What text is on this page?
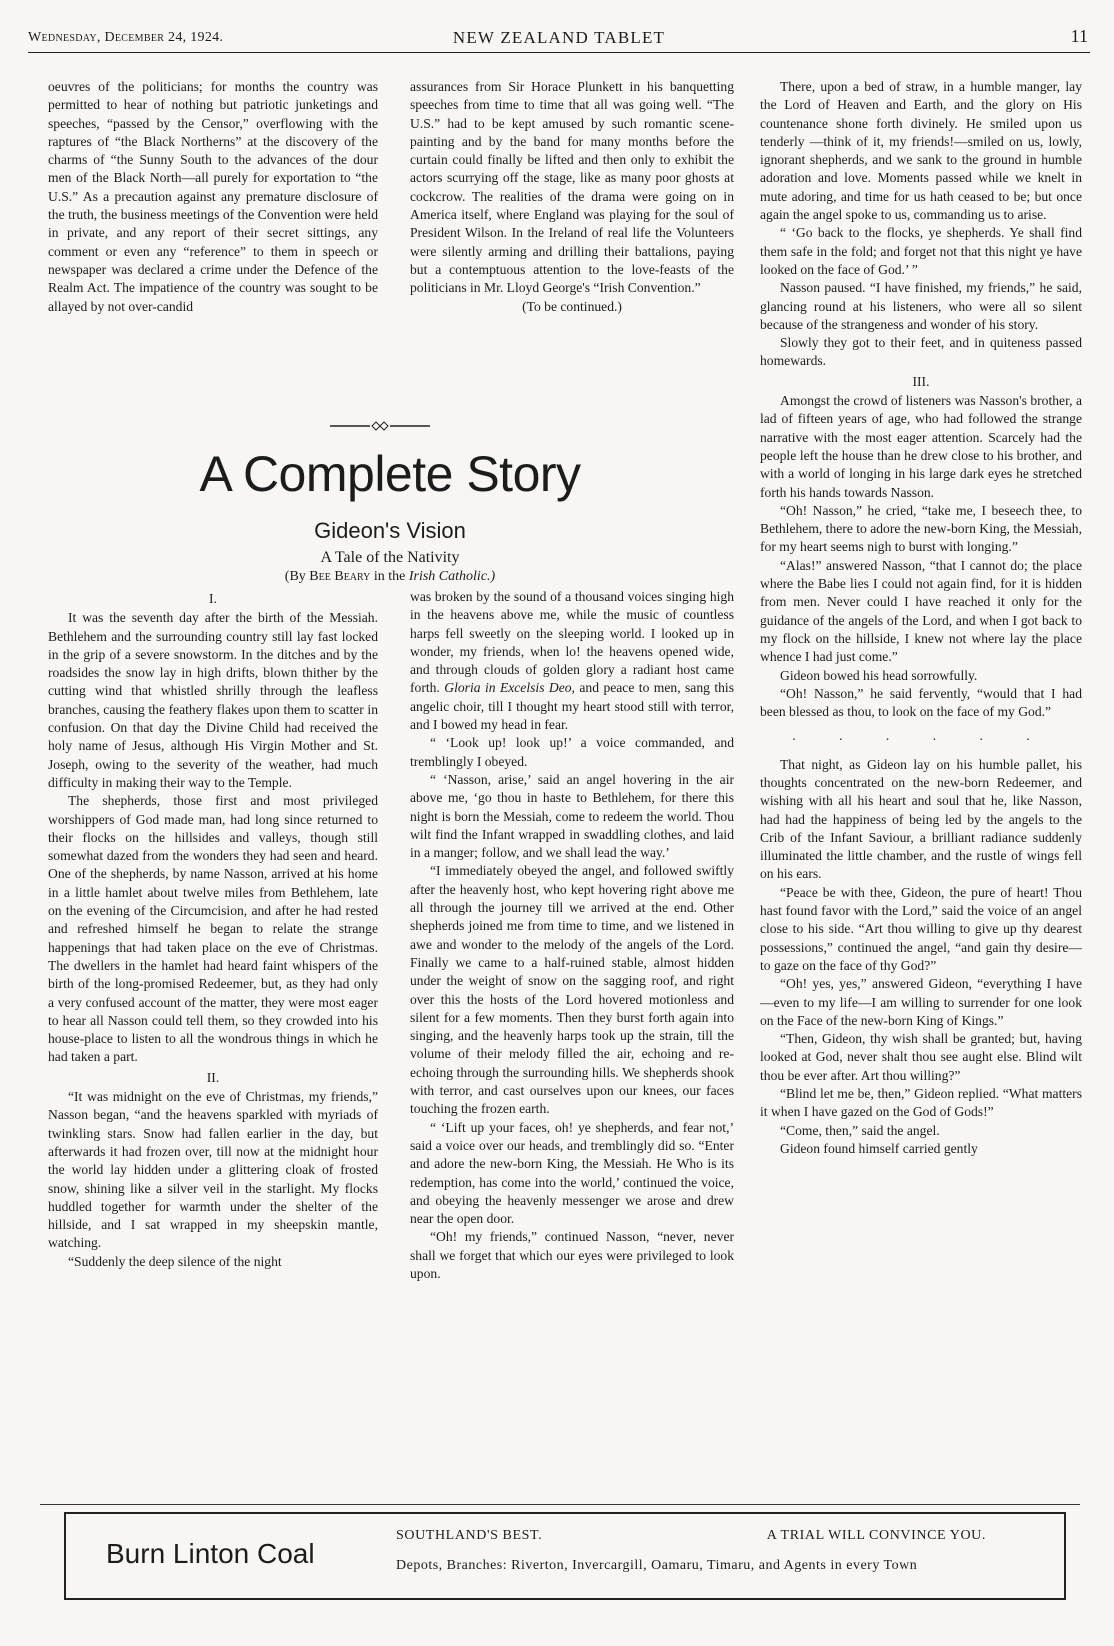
Wednesday, December 24, 1924.	NEW ZEALAND TABLET	11

oeuvres of the politicians; for months the country was permitted to hear of nothing but patriotic junketings and speeches, “passed by the Censor,” overflowing with the raptures of “the Black Northerns” at the discovery of the charms of “the Sunny South to the advances of the dour men of the Black North—all purely for exportation to “the U.S.” As a precaution against any premature disclosure of the truth, the business meetings of the Convention were held in private, and any report of their secret sittings, any comment or even any “reference” to them in speech or newspaper was declared a crime under the Defence of the Realm Act. The impatience of the country was sought to be allayed by not over-candid

assurances from Sir Horace Plunkett in his banquetting speeches from time to time that all was going well. “The U.S.” had to be kept amused by such romantic scene-painting and by the band for many months before the curtain could finally be lifted and then only to exhibit the actors scurrying off the stage, like as many poor ghosts at cockcrow. The realities of the drama were going on in America itself, where England was playing for the soul of President Wilson. In the Ireland of real life the Volunteers were silently arming and drilling their battalions, paying but a contemptuous attention to the love-feasts of the politicians in Mr. Lloyd George's “Irish Convention.”

(To be continued.)

A Complete Story
Gideon's Vision
A Tale of the Nativity
(By Bee Beary in the Irish Catholic.)

I.

It was the seventh day after the birth of the Messiah. Bethlehem and the surrounding country still lay fast locked in the grip of a severe snowstorm. In the ditches and by the roadsides the snow lay in high drifts, blown thither by the cutting wind that whistled shrilly through the leafless branches, causing the feathery flakes upon them to scatter in confusion. On that day the Divine Child had received the holy name of Jesus, although His Virgin Mother and St. Joseph, owing to the severity of the weather, had much difficulty in making their way to the Temple.

The shepherds, those first and most privileged worshippers of God made man, had long since returned to their flocks on the hillsides and valleys, though still somewhat dazed from the wonders they had seen and heard. One of the shepherds, by name Nasson, arrived at his home in a little hamlet about twelve miles from Bethlehem, late on the evening of the Circumcision, and after he had rested and refreshed himself he began to relate the strange happenings that had taken place on the eve of Christmas. The dwellers in the hamlet had heard faint whispers of the birth of the long-promised Redeemer, but, as they had only a very confused account of the matter, they were most eager to hear all Nasson could tell them, so they crowded into his house-place to listen to all the wondrous things in which he had taken a part.

II.

“It was midnight on the eve of Christmas, my friends,” Nasson began, “and the heavens sparkled with myriads of twinkling stars. Snow had fallen earlier in the day, but afterwards it had frozen over, till now at the midnight hour the world lay hidden under a glittering cloak of frosted snow, shining like a silver veil in the starlight. My flocks huddled together for warmth under the shelter of the hillside, and I sat wrapped in my sheepskin mantle, watching.

“Suddenly the deep silence of the night

was broken by the sound of a thousand voices singing high in the heavens above me, while the music of countless harps fell sweetly on the sleeping world. I looked up in wonder, my friends, when lo! the heavens opened wide, and through clouds of golden glory a radiant host came forth. Gloria in Excelsis Deo, and peace to men, sang this angelic choir, till I thought my heart stood still with terror, and I bowed my head in fear.

“ ‘Look up! look up!’ a voice commanded, and tremblingly I obeyed.

“ ‘Nasson, arise,’ said an angel hovering in the air above me, ‘go thou in haste to Bethlehem, for there this night is born the Messiah, come to redeem the world. Thou wilt find the Infant wrapped in swaddling clothes, and laid in a manger; follow, and we shall lead the way.’

“I immediately obeyed the angel, and followed swiftly after the heavenly host, who kept hovering right above me all through the journey till we arrived at the end. Other shepherds joined me from time to time, and we listened in awe and wonder to the melody of the angels of the Lord. Finally we came to a half-ruined stable, almost hidden under the weight of snow on the sagging roof, and right over this the hosts of the Lord hovered motionless and silent for a few moments. Then they burst forth again into singing, and the heavenly harps took up the strain, till the volume of their melody filled the air, echoing and re-echoing through the surrounding hills. We shepherds shook with terror, and cast ourselves upon our knees, our faces touching the frozen earth.

“ ‘Lift up your faces, oh! ye shepherds, and fear not,’ said a voice over our heads, and tremblingly did so. “Enter and adore the new-born King, the Messiah. He Who is its redemption, has come into the world,’ continued the voice, and obeying the heavenly messenger we arose and drew near the open door.

“Oh! my friends,” continued Nasson, “never, never shall we forget that which our eyes were privileged to look upon.

There, upon a bed of straw, in a humble manger, lay the Lord of Heaven and Earth, and the glory on His countenance shone forth divinely. He smiled upon us tenderly —think of it, my friends!—smiled on us, lowly, ignorant shepherds, and we sank to the ground in humble adoration and love. Moments passed while we knelt in mute adoring, and time for us hath ceased to be; but once again the angel spoke to us, commanding us to arise.

“ ‘Go back to the flocks, ye shepherds. Ye shall find them safe in the fold; and forget not that this night ye have looked on the face of God.’ ”

Nasson paused. “I have finished, my friends,” he said, glancing round at his listeners, who were all so silent because of the strangeness and wonder of his story.

Slowly they got to their feet, and in quiteness passed homewards.

III.

Amongst the crowd of listeners was Nasson's brother, a lad of fifteen years of age, who had followed the strange narrative with the most eager attention. Scarcely had the people left the house than he drew close to his brother, and with a world of longing in his large dark eyes he stretched forth his hands towards Nasson.

“Oh! Nasson,” he cried, “take me, I beseech thee, to Bethlehem, there to adore the new-born King, the Messiah, for my heart seems nigh to burst with longing.”

“Alas!” answered Nasson, “that I cannot do; the place where the Babe lies I could not again find, for it is hidden from men. Never could I have reached it only for the guidance of the angels of the Lord, and when I got back to my flock on the hillside, I knew not where lay the place whence I had just come.”

Gideon bowed his head sorrowfully.

“Oh! Nasson,” he said fervently, “would that I had been blessed as thou, to look on the face of my God.”

. . . . . .

That night, as Gideon lay on his humble pallet, his thoughts concentrated on the new-born Redeemer, and wishing with all his heart and soul that he, like Nasson, had had the happiness of being led by the angels to the Crib of the Infant Saviour, a brilliant radiance suddenly illuminated the little chamber, and the rustle of wings fell on his ears.

“Peace be with thee, Gideon, the pure of heart! Thou hast found favor with the Lord,” said the voice of an angel close to his side. “Art thou willing to give up thy dearest possessions,” continued the angel, “and gain thy desire—to gaze on the face of thy God?”

“Oh! yes, yes,” answered Gideon, “everything I have—even to my life—I am willing to surrender for one look on the Face of the new-born King of Kings.”

“Then, Gideon, thy wish shall be granted; but, having looked at God, never shalt thou see aught else. Blind wilt thou be ever after. Art thou willing?”

“Blind let me be, then,” Gideon replied. “What matters it when I have gazed on the God of Gods!”

“Come, then,” said the angel.

Gideon found himself carried gently

Burn Linton Coal
SOUTHLAND'S BEST.	A TRIAL WILL CONVINCE YOU.
Depots, Branches: Riverton, Invercargill, Oamaru, Timaru, and Agents in every Town
